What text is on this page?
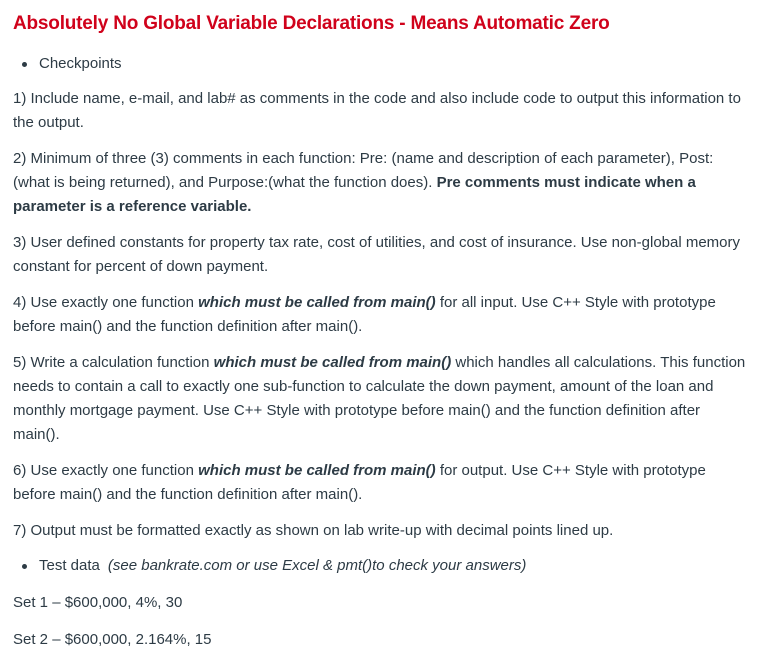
Absolutely No Global Variable Declarations - Means Automatic Zero
Checkpoints

1) Include name, e-mail, and lab# as comments in the code and also include code to output this information to the output.

2) Minimum of three (3) comments in each function: Pre: (name and description of each parameter), Post: (what is being returned), and Purpose:(what the function does). Pre comments must indicate when a parameter is a reference variable.

3) User defined constants for property tax rate, cost of utilities, and cost of insurance. Use non-global memory constant for percent of down payment.

4) Use exactly one function which must be called from main() for all input. Use C++ Style with prototype before main() and the function definition after main().

5) Write a calculation function which must be called from main() which handles all calculations. This function needs to contain a call to exactly one sub-function to calculate the down payment, amount of the loan and monthly mortgage payment. Use C++ Style with prototype before main() and the function definition after main().

6) Use exactly one function which must be called from main() for output. Use C++ Style with prototype before main() and the function definition after main().

7) Output must be formatted exactly as shown on lab write-up with decimal points lined up.

Test data (see bankrate.com or use Excel & pmt()to check your answers)

Set 1 – $600,000, 4%, 30

Set 2 – $600,000, 2.164%, 15
